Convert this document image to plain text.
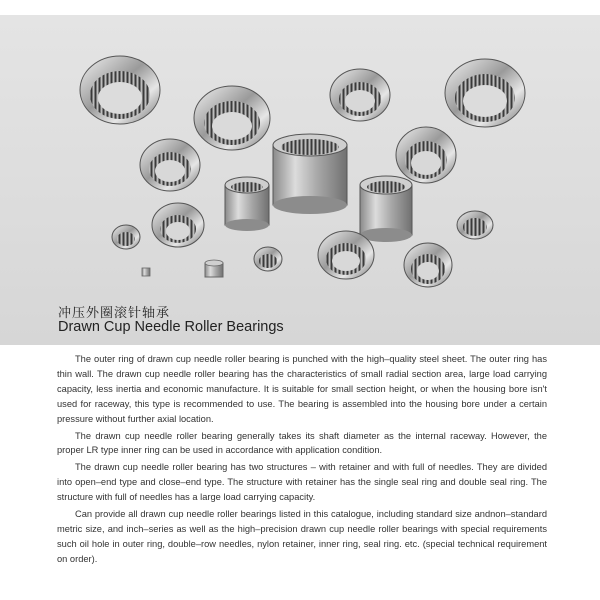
冲压外圈滚针轴承
Drawn Cup Needle Roller Bearings

The outer ring of drawn cup needle roller bearing is punched with the high–quality steel sheet. The outer ring has thin wall. The drawn cup needle roller bearing has the characteristics of small radial section area, large load carrying capacity, less inertia and economic manufacture. It is suitable for small section height, or when the housing bore isn't used for raceway, this type is recommended to use. The bearing is assembled into the housing bore under a certain pressure without further axial location.

The drawn cup needle roller bearing generally takes its shaft diameter as the internal raceway. However, the proper LR type inner ring can be used in accordance with application condition.

The drawn cup needle roller bearing has two structures – with retainer and with full of needles. They are divided into open–end type and close–end type. The structure with retainer has the single seal ring and double seal ring. The structure with full of needles has a large load carrying capacity.

Can provide all drawn cup needle roller bearings listed in this catalogue, including standard size andnon–standard metric size, and inch–series as well as the high–precision drawn cup needle roller bearings with special requirements such oil hole in outer ring, double–row needles, nylon retainer, inner ring, seal ring. etc. (special technical requirement on order).
